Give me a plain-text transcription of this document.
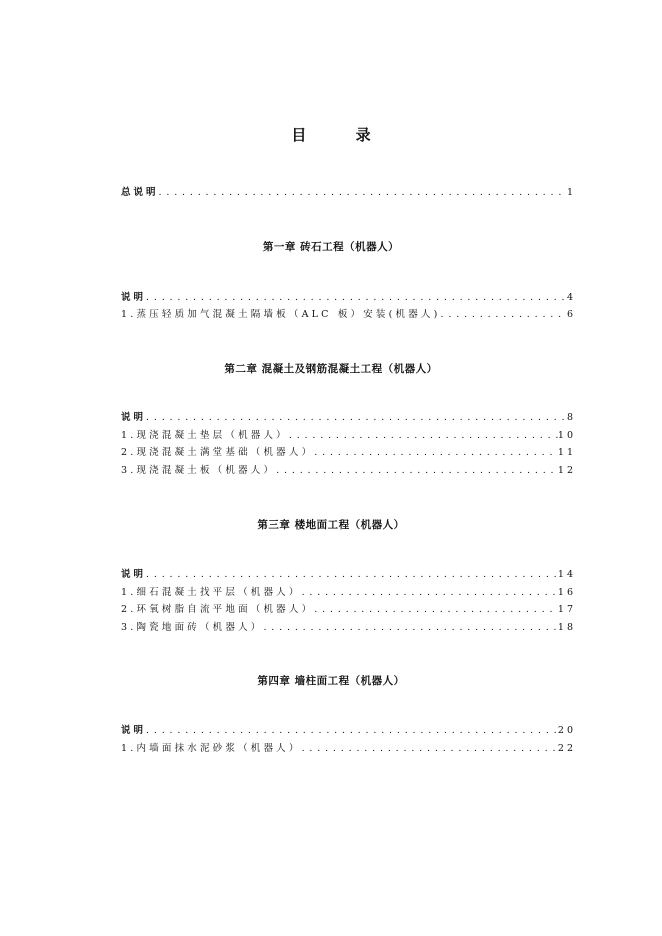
目 录
总说明 . . .	1
第一章 砖石工程（机器人）
说明 . . .	4
1.蒸压轻质加气混凝土隔墙板（ALC 板）安装(机器人) . . .	6
第二章 混凝土及钢筋混凝土工程（机器人）
说明 . . .	8
1.现浇混凝土垫层（机器人） . . .	10
2.现浇混凝土满堂基础（机器人） . . .	11
3.现浇混凝土板（机器人） . . .	12
第三章 楼地面工程（机器人）
说明 . . .	14
1.细石混凝土找平层（机器人） . . .	16
2.环氧树脂自流平地面（机器人） . . .	17
3.陶瓷地面砖（机器人） . . .	18
第四章 墙柱面工程（机器人）
说明 . . .	20
1.内墙面抹水泥砂浆（机器人） . . .	22
